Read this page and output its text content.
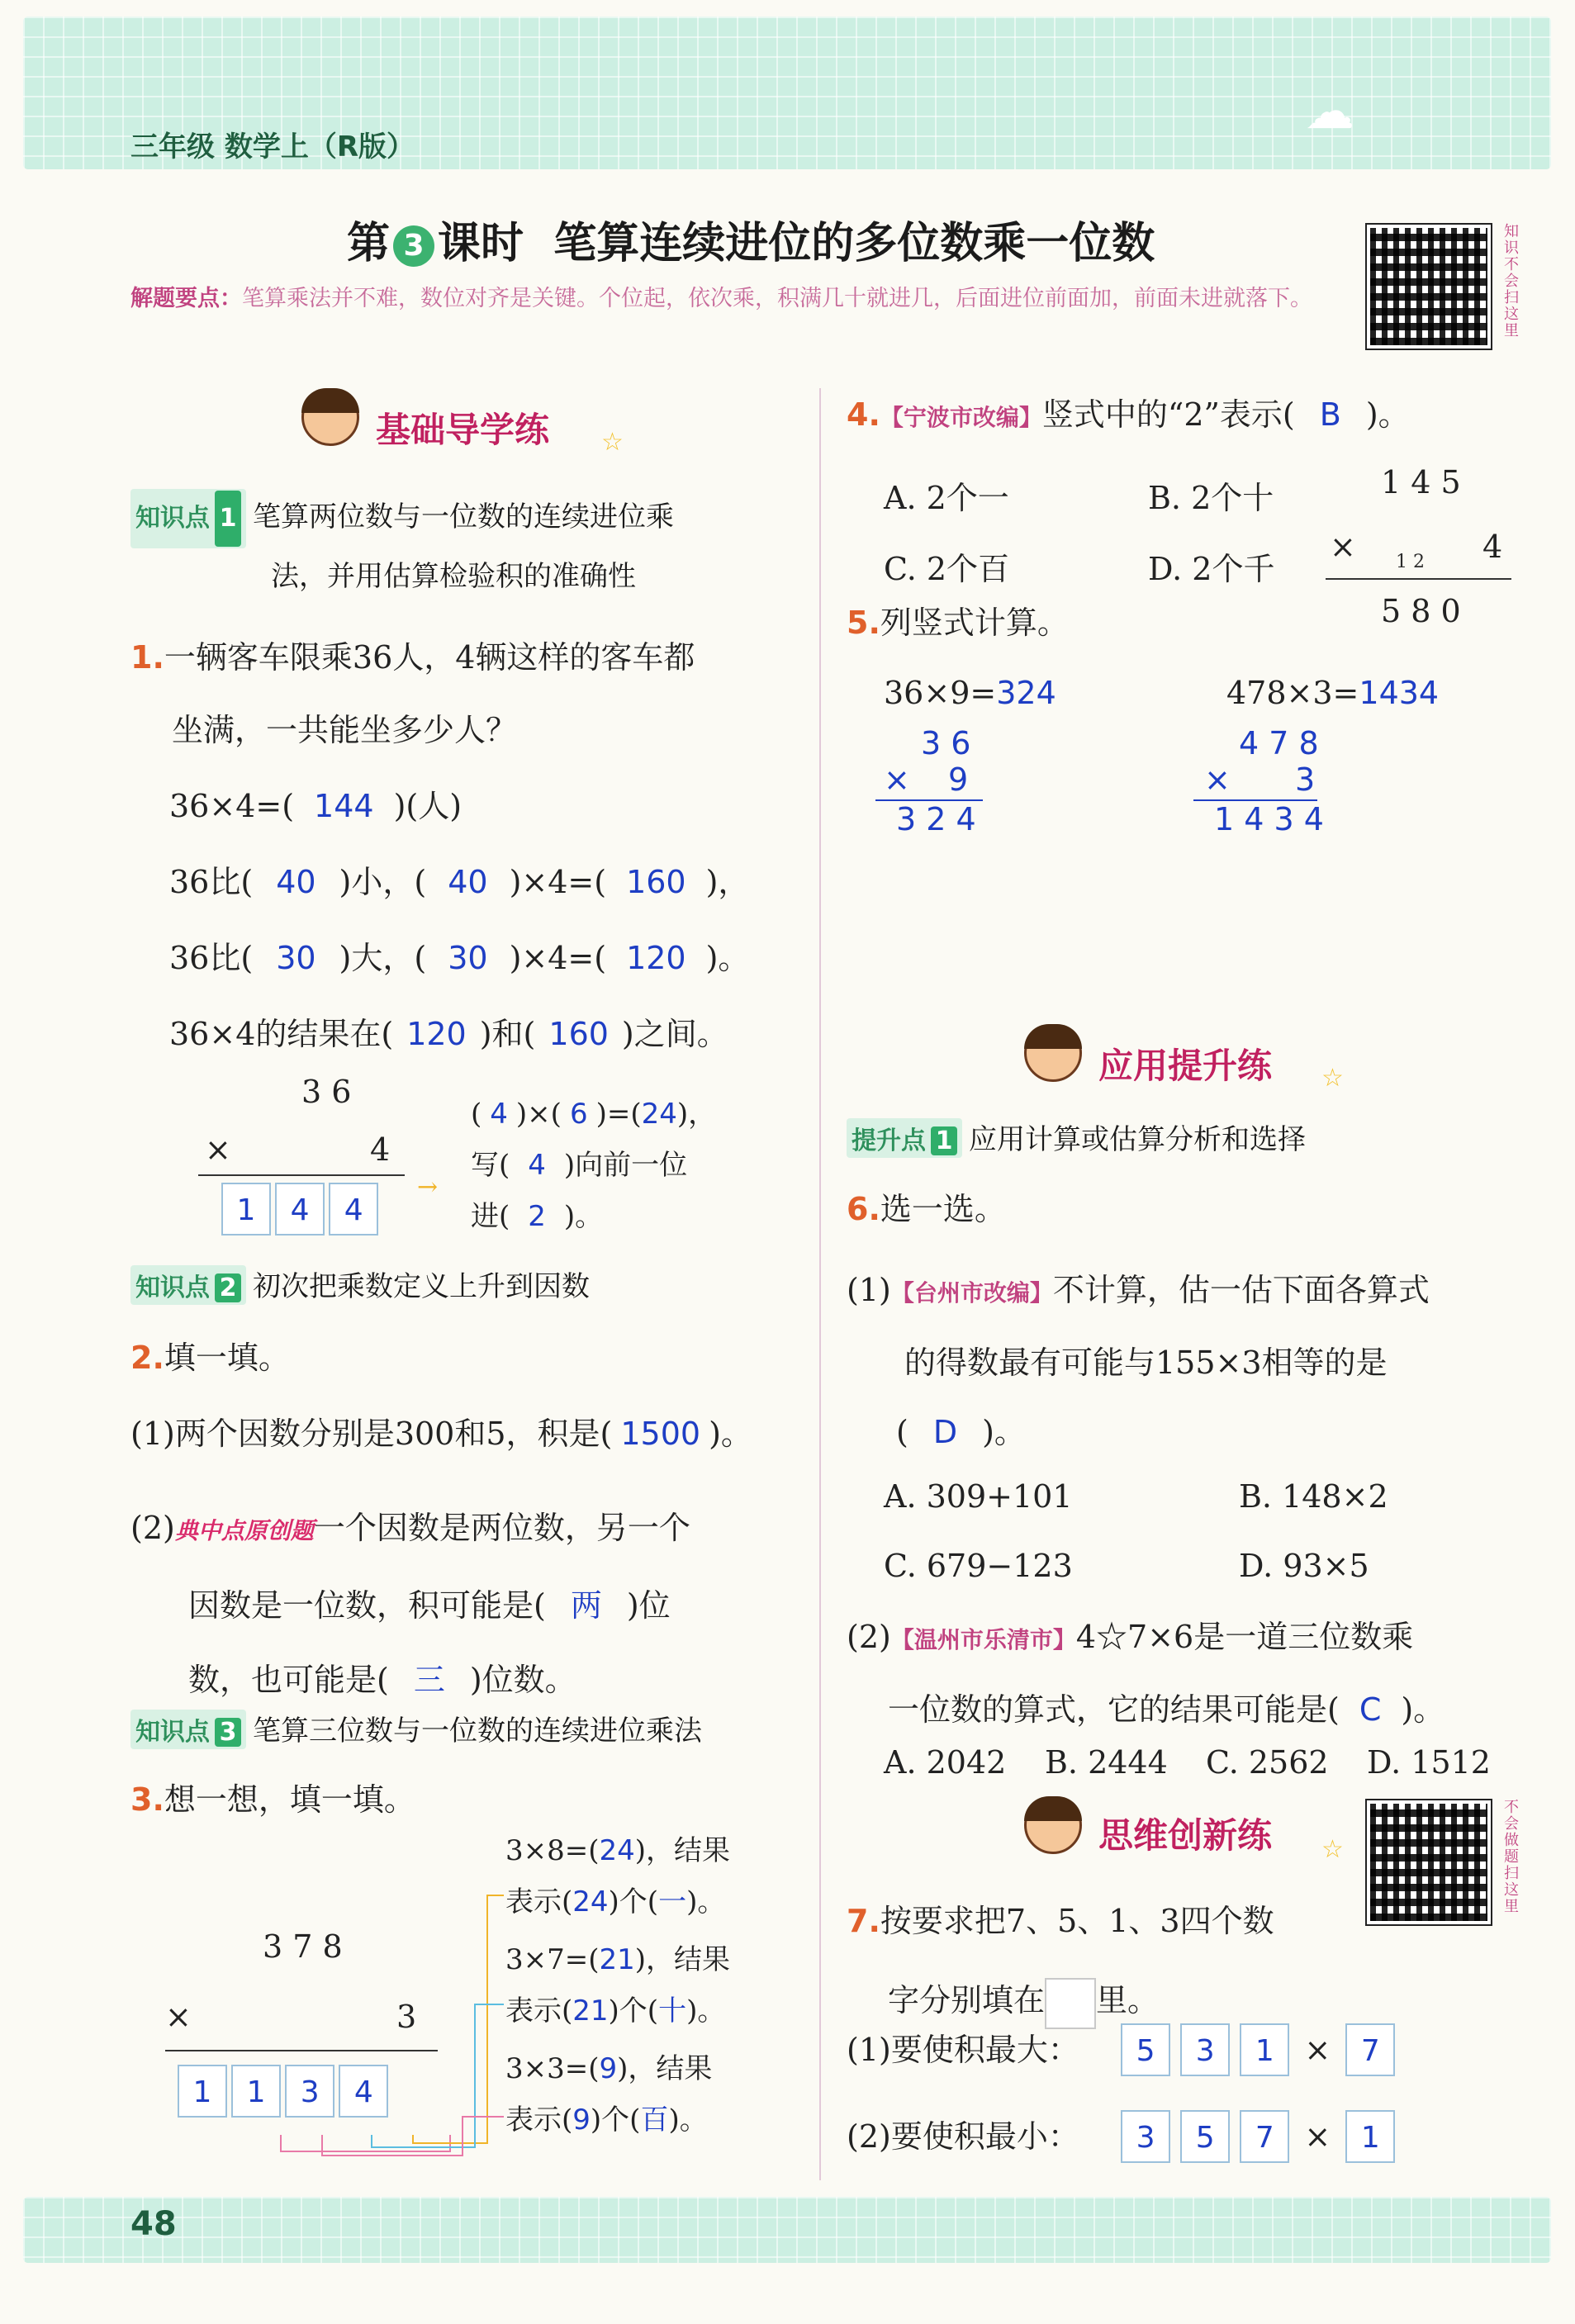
三年级 数学上（R版）
☁
第 3 课时 笔算连续进位的多位数乘一位数
解题要点：笔算乘法并不难，数位对齐是关键。个位起，依次乘，积满几十就进几，后面进位前面加，前面未进就落下。	知识不会扫这里
基础导学练 ☆
知识点 1 笔算两位数与一位数的连续进位乘
法，并用估算检验积的准确性
1.一辆客车限乘36人，4辆这样的客车都
坐满，一共能坐多少人？
36×4=( 144 )(人)
36比( 40 )小，( 40 )×4=( 160 )，
36比( 30 )大，( 30 )×4=( 120 )。
36×4的结果在( 120 )和( 160 )之间。
3 6
×	4
1 4 4
→
( 4 )×( 6 )=(24)，
写( 4 )向前一位
进( 2 )。
知识点 2 初次把乘数定义上升到因数
2.填一填。
(1)两个因数分别是300和5，积是( 1500 )。
(2)典中点原创题一个因数是两位数，另一个
因数是一位数，积可能是( 两 )位
数，也可能是( 三 )位数。
知识点 3 笔算三位数与一位数的连续进位乘法
3.想一想，填一填。
3 7 8
×	3
1 1 3 4
3×8=(24)，结果
表示(24)个(一)。
3×7=(21)，结果
表示(21)个(十)。
3×3=(9)，结果
表示(9)个(百)。
4.【宁波市改编】竖式中的“2”表示( B )。
A. 2个一	B. 2个十
C. 2个百	D. 2个千
1 4 5
× 1 2 4
5 8 0
5.列竖式计算。
36×9=324	478×3=1434
3 6
× 9
3 2 4
4 7 8
× 3
1 4 3 4
应用提升练 ☆
提升点 1 应用计算或估算分析和选择
6.选一选。
(1)【台州市改编】不计算，估一估下面各算式
的得数最有可能与155×3相等的是
( D )。
A. 309+101	B. 148×2
C. 679−123	D. 93×5
(2)【温州市乐清市】4☆7×6是一道三位数乘
一位数的算式，它的结果可能是( C )。
A. 2042 B. 2444 C. 2562 D. 1512
思维创新练 ☆	不会做题扫这里
7.按要求把7、5、1、3四个数
字分别填在 里。
(1)要使积最大： 5 3 1 × 7
(2)要使积最小： 3 5 7 × 1
48
